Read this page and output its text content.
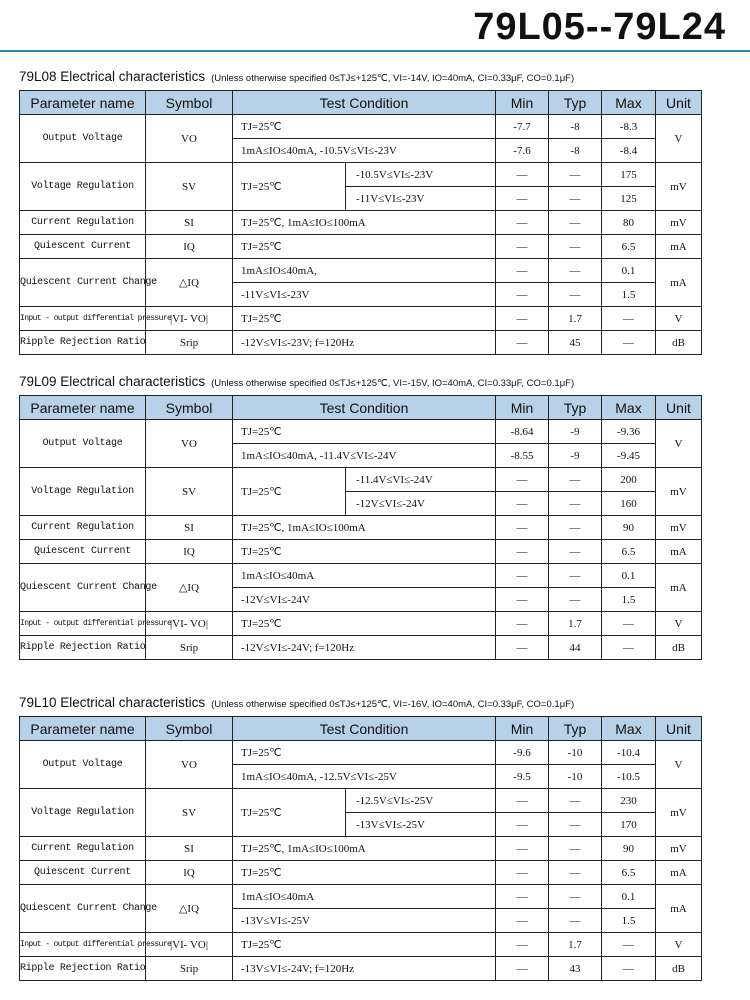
79L05--79L24
79L08 Electrical characteristics (Unless otherwise specified 0≤TJ≤+125℃, VI=-14V, IO=40mA, CI=0.33μF, CO=0.1μF)
Parameter name	Symbol	Test Condition		Min	Typ	Max	Unit
Output Voltage	VO	TJ=25℃		-7.7	-8	-8.3	V
		1mA≤IO≤40mA, -10.5V≤VI≤-23V		-7.6	-8	-8.4	
Voltage Regulation	SV	TJ=25℃	-10.5V≤VI≤-23V	—	—	175	mV
			-11V≤VI≤-23V	—	—	125	
Current Regulation	SI	TJ=25℃, 1mA≤IO≤100mA		—	—	80	mV
Quiescent Current	IQ	TJ=25℃		—	—	6.5	mA
Quiescent Current Change	△IQ	1mA≤IO≤40mA,		—	—	0.1	mA
		-11V≤VI≤-23V		—	—	1.5	
Input - output differential pressure	|VI- VO|	TJ=25℃		—	1.7	—	V
Ripple Rejection Ratio	Srip	-12V≤VI≤-23V; f=120Hz		—	45	—	dB
79L09 Electrical characteristics (Unless otherwise specified 0≤TJ≤+125℃, VI=-15V, IO=40mA, CI=0.33μF, CO=0.1μF)
Parameter name	Symbol	Test Condition		Min	Typ	Max	Unit
Output Voltage	VO	TJ=25℃		-8.64	-9	-9.36	V
		1mA≤IO≤40mA, -11.4V≤VI≤-24V		-8.55	-9	-9.45	
Voltage Regulation	SV	TJ=25℃	-11.4V≤VI≤-24V	—	—	200	mV
			-12V≤VI≤-24V	—	—	160	
Current Regulation	SI	TJ=25℃, 1mA≤IO≤100mA		—	—	90	mV
Quiescent Current	IQ	TJ=25℃		—	—	6.5	mA
Quiescent Current Change	△IQ	1mA≤IO≤40mA		—	—	0.1	mA
		-12V≤VI≤-24V		—	—	1.5	
Input - output differential pressure	|VI- VO|	TJ=25℃		—	1.7	—	V
Ripple Rejection Ratio	Srip	-12V≤VI≤-24V; f=120Hz		—	44	—	dB
79L10 Electrical characteristics (Unless otherwise specified 0≤TJ≤+125℃, VI=-16V, IO=40mA, CI=0.33μF, CO=0.1μF)
Parameter name	Symbol	Test Condition		Min	Typ	Max	Unit
Output Voltage	VO	TJ=25℃		-9.6	-10	-10.4	V
		1mA≤IO≤40mA, -12.5V≤VI≤-25V		-9.5	-10	-10.5	
Voltage Regulation	SV	TJ=25℃	-12.5V≤VI≤-25V	—	—	230	mV
			-13V≤VI≤-25V	—	—	170	
Current Regulation	SI	TJ=25℃, 1mA≤IO≤100mA		—	—	90	mV
Quiescent Current	IQ	TJ=25℃		—	—	6.5	mA
Quiescent Current Change	△IQ	1mA≤IO≤40mA		—	—	0.1	mA
		-13V≤VI≤-25V		—	—	1.5	
Input - output differential pressure	|VI- VO|	TJ=25℃		—	1.7	—	V
Ripple Rejection Ratio	Srip	-13V≤VI≤-24V; f=120Hz		—	43	—	dB
